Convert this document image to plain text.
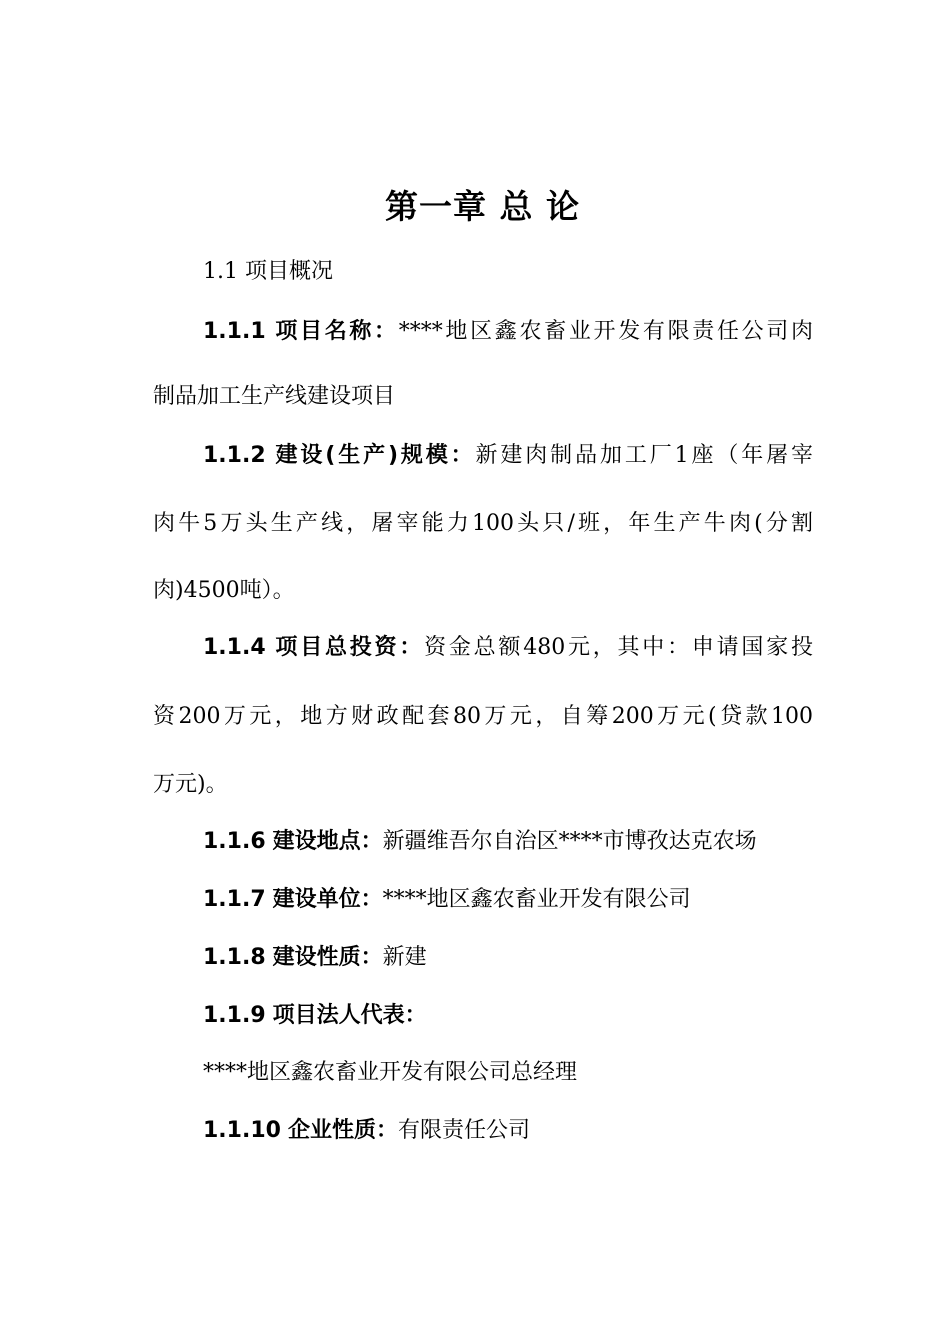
第一章 总 论
1.1 项目概况
1.1.1 项目名称：****地区鑫农畜业开发有限责任公司肉
制品加工生产线建设项目
1.1.2 建设(生产)规模：新建肉制品加工厂1座（年屠宰
肉牛5万头生产线，屠宰能力100头只/班，年生产牛肉(分割
肉)4500吨）。
1.1.4 项目总投资：资金总额480元，其中：申请国家投
资200万元，地方财政配套80万元，自筹200万元(贷款100
万元)。
1.1.6 建设地点：新疆维吾尔自治区****市博孜达克农场
1.1.7 建设单位：****地区鑫农畜业开发有限公司
1.1.8 建设性质：新建
1.1.9 项目法人代表：
****地区鑫农畜业开发有限公司总经理
1.1.10 企业性质：有限责任公司
